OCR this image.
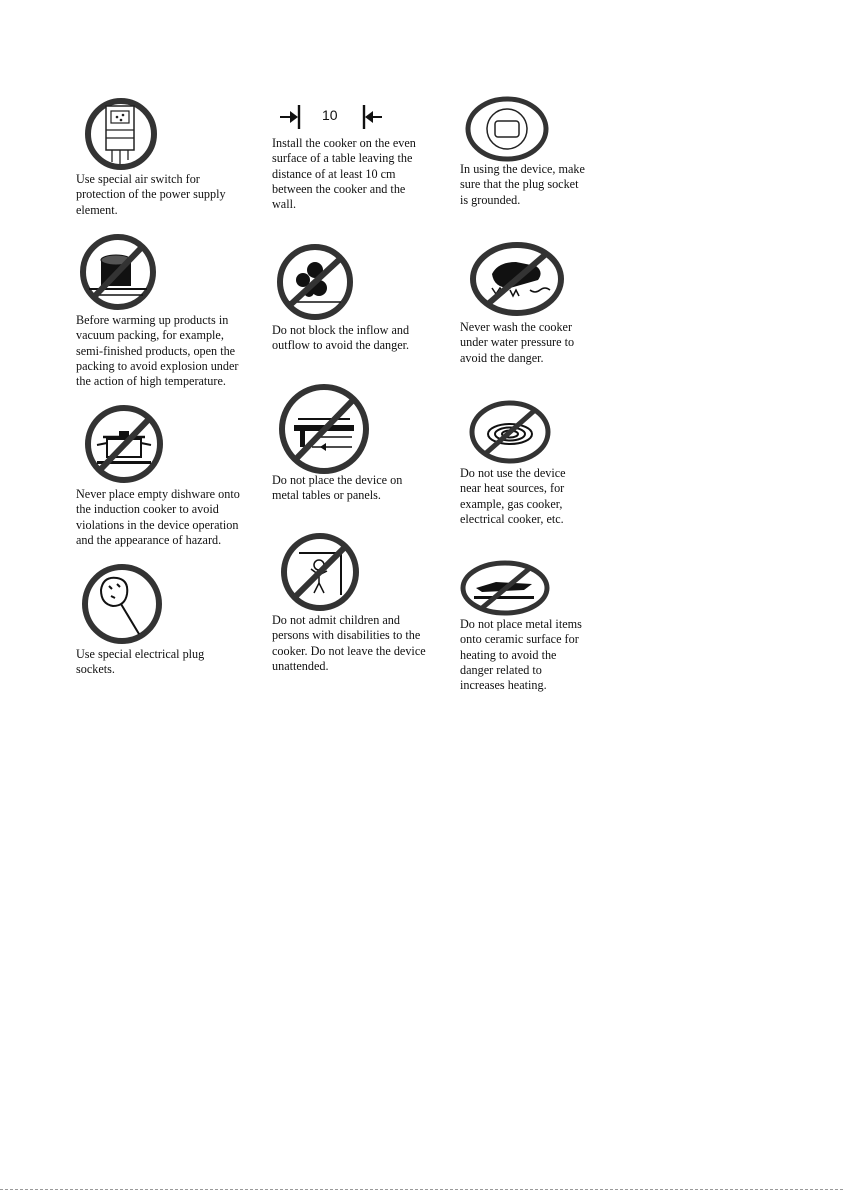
Use special air switch for
protection of the power supply
element.
10
Install the cooker on the even
surface of a table leaving the
distance of at least 10 cm
between the cooker and the
wall.
In using the device, make
sure that the plug socket
is grounded.
Before warming up products in
vacuum packing, for example,
semi-finished products, open the
packing to avoid explosion under
the action of high temperature.
Do not block the inflow and
outflow to avoid the danger.
Never wash the cooker
under water pressure to
avoid the danger.
Never place empty dishware onto
the induction cooker to avoid
violations in the device operation
and the appearance of hazard.
Do not place the device on
metal tables or panels.
Do not use the device
near heat sources, for
example, gas cooker,
electrical cooker, etc.
Use special electrical plug
sockets.
Do not admit children and
persons with disabilities to the
cooker. Do not leave the device
unattended.
Do not place metal items
onto ceramic surface for
heating to avoid the
danger related to
increases heating.
